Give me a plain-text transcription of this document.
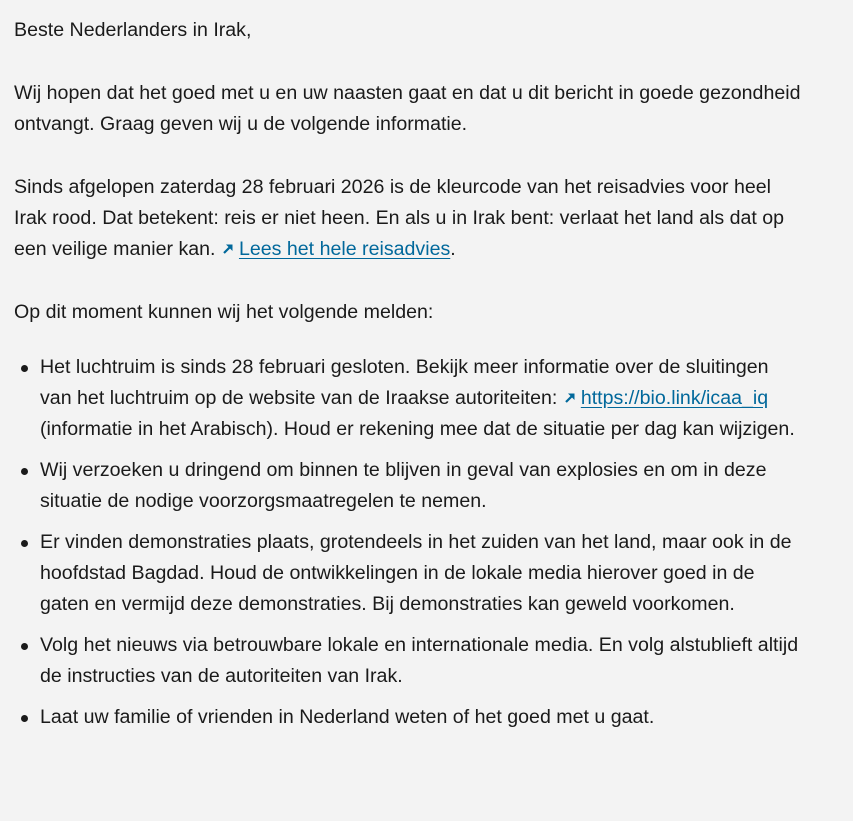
Beste Nederlanders in Irak,
Wij hopen dat het goed met u en uw naasten gaat en dat u dit bericht in goede gezondheid ontvangt. Graag geven wij u de volgende informatie.
Sinds afgelopen zaterdag 28 februari 2026 is de kleurcode van het reisadvies voor heel Irak rood. Dat betekent: reis er niet heen. En als u in Irak bent: verlaat het land als dat op een veilige manier kan. Lees het hele reisadvies.
Op dit moment kunnen wij het volgende melden:
Het luchtruim is sinds 28 februari gesloten. Bekijk meer informatie over de sluitingen van het luchtruim op de website van de Iraakse autoriteiten: https://bio.link/icaa_iq (informatie in het Arabisch). Houd er rekening mee dat de situatie per dag kan wijzigen.
Wij verzoeken u dringend om binnen te blijven in geval van explosies en om in deze situatie de nodige voorzorgsmaatregelen te nemen.
Er vinden demonstraties plaats, grotendeels in het zuiden van het land, maar ook in de hoofdstad Bagdad. Houd de ontwikkelingen in de lokale media hierover goed in de gaten en vermijd deze demonstraties. Bij demonstraties kan geweld voorkomen.
Volg het nieuws via betrouwbare lokale en internationale media. En volg alstublieft altijd de instructies van de autoriteiten van Irak.
Laat uw familie of vrienden in Nederland weten of het goed met u gaat.
